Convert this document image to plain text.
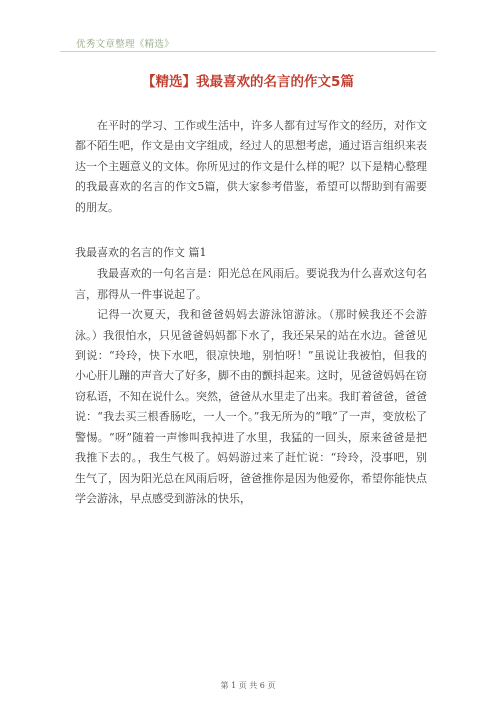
优秀文章整理《精选》
【精选】我最喜欢的名言的作文5篇

在平时的学习、工作或生活中，许多人都有过写作文的经历，对作文都不陌生吧，作文是由文字组成，经过人的思想考虑，通过语言组织来表达一个主题意义的文体。你所见过的作文是什么样的呢？以下是精心整理的我最喜欢的名言的作文5篇，供大家参考借鉴，希望可以帮助到有需要的朋友。

我最喜欢的名言的作文 篇1

我最喜欢的一句名言是：阳光总在风雨后。要说我为什么喜欢这句名言，那得从一件事说起了。

记得一次夏天，我和爸爸妈妈去游泳馆游泳。（那时候我还不会游泳。）我很怕水，只见爸爸妈妈都下水了，我还呆呆的站在水边。爸爸见到说：“玲玲，快下水吧，很凉快地，别怕呀！”虽说让我被怕，但我的小心肝儿蹦的声音大了好多，脚不由的颤抖起来。这时，见爸爸妈妈在窃窃私语，不知在说什么。突然，爸爸从水里走了出来。我盯着爸爸，爸爸说：“我去买三根香肠吃，一人一个。”我无所为的“哦”了一声，变放松了警惕。“呀”随着一声惨叫我掉进了水里，我猛的一回头，原来爸爸是把我推下去的。，我生气极了。妈妈游过来了赶忙说：“玲玲，没事吧，别生气了，因为阳光总在风雨后呀，爸爸推你是因为他爱你，希望你能快点学会游泳，早点感受到游泳的快乐，

第 1 页 共 6 页
